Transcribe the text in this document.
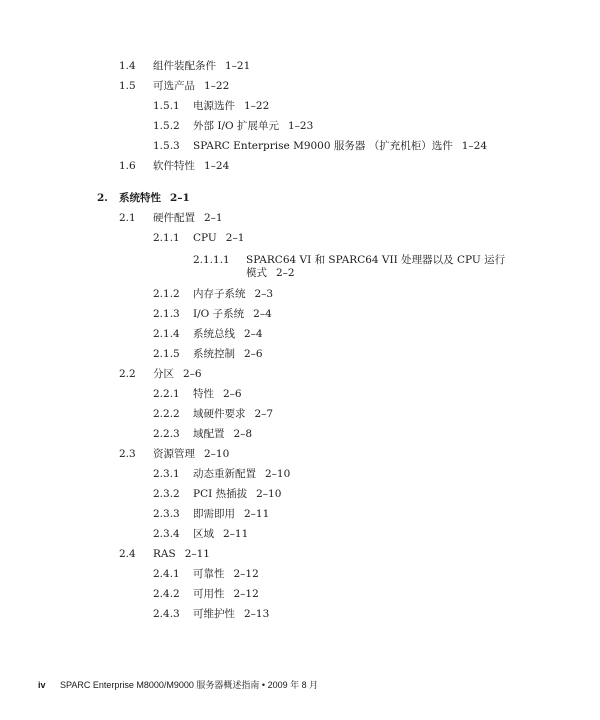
1.4 组件装配条件 1–21
1.5 可选产品 1–22
1.5.1 电源选件 1–22
1.5.2 外部 I/O 扩展单元 1–23
1.5.3 SPARC Enterprise M9000 服务器 （扩充机柜）选件 1–24
1.6 软件特性 1–24
2. 系统特性 2–1
2.1 硬件配置 2–1
2.1.1 CPU 2–1
2.1.1.1 SPARC64 VI 和 SPARC64 VII 处理器以及 CPU 运行
模式 2–2
2.1.2 内存子系统 2–3
2.1.3 I/O 子系统 2–4
2.1.4 系统总线 2–4
2.1.5 系统控制 2–6
2.2 分区 2–6
2.2.1 特性 2–6
2.2.2 域硬件要求 2–7
2.2.3 域配置 2–8
2.3 资源管理 2–10
2.3.1 动态重新配置 2–10
2.3.2 PCI 热插拔 2–10
2.3.3 即需即用 2–11
2.3.4 区域 2–11
2.4 RAS 2–11
2.4.1 可靠性 2–12
2.4.2 可用性 2–12
2.4.3 可维护性 2–13
iv SPARC Enterprise M8000/M9000 服务器概述指南 • 2009 年 8 月
